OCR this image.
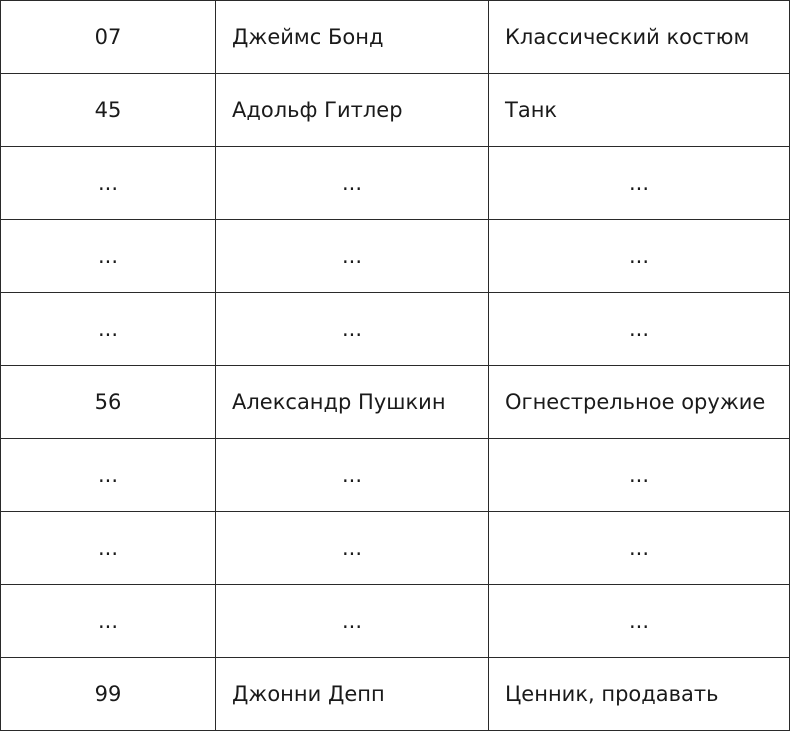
07	Джеймс Бонд	Классический костюм
45	Адольф Гитлер	Танк
...	...	...
...	...	...
...	...	...
56	Александр Пушкин	Огнестрельное оружие
...	...	...
...	...	...
...	...	...
99	Джонни Депп	Ценник, продавать
